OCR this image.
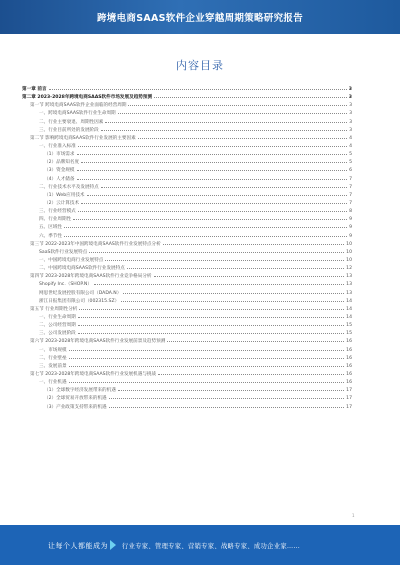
跨境电商SAAS软件企业穿越周期策略研究报告
内容目录
第一章 前言	3
第二章 2023-2028年跨境电商SAAS软件市场发展及趋势预测	3
第一节 跨境电商SAAS软件企业面临的经营周期	3
一、跨境电商SAAS软件行业生命周期	3
二、行业主要衰退、周期性因素	3
三、行业目前所处的发展阶段	3
第二节 影响跨境电商SAAS软件行业发展的主要因素	4
一、行业准入标准	4
（1）市场需求	5
（2）品牌知名度	5
（3）资金规模	6
（4）人才储备	7
二、行业技术水平及发展特点	7
（1）Web应用技术	7
（2）云计算技术	7
三、行业经营模式	8
四、行业周期性	9
五、区域性	9
六、季节性	9
第三节 2022-2023年中国跨境电商SAAS软件行业发展特点分析	10
SaaS软件行业发展特点	10
一、中国跨境电商行业发展特点	10
二、中国跨境电商SAAS软件行业发展特点	12
第四节 2023-2028年跨境电商SAAS软件行业竞争格局分析	13
Shopify Inc.（SHOP.N）	13
网思世纪发展控股有限公司（DADA.N）	13
浙江日报集团有限公司（002315.SZ）	14
第五节 行业周期性分析	14
一、行业生命周期	14
二、公司经营周期	15
三、公司发展阶段	15
第六节 2023-2028年跨境电商SAAS软件行业发展前景及趋势预测	16
一、市场规模	16
二、行业壁垒	16
三、发展前景	16
第七节 2023-2028年跨境电商SAAS软件行业发展机遇与挑战	16
一、行业机遇	16
（1）全球数字经济发展带来的机遇	17
（2）全球贸易开放带来的机遇	17
（3）产业政策支持带来的机遇	17
1
让每个人都能成为 行业专家、管理专家、营销专家、战略专家、成功企业家……
